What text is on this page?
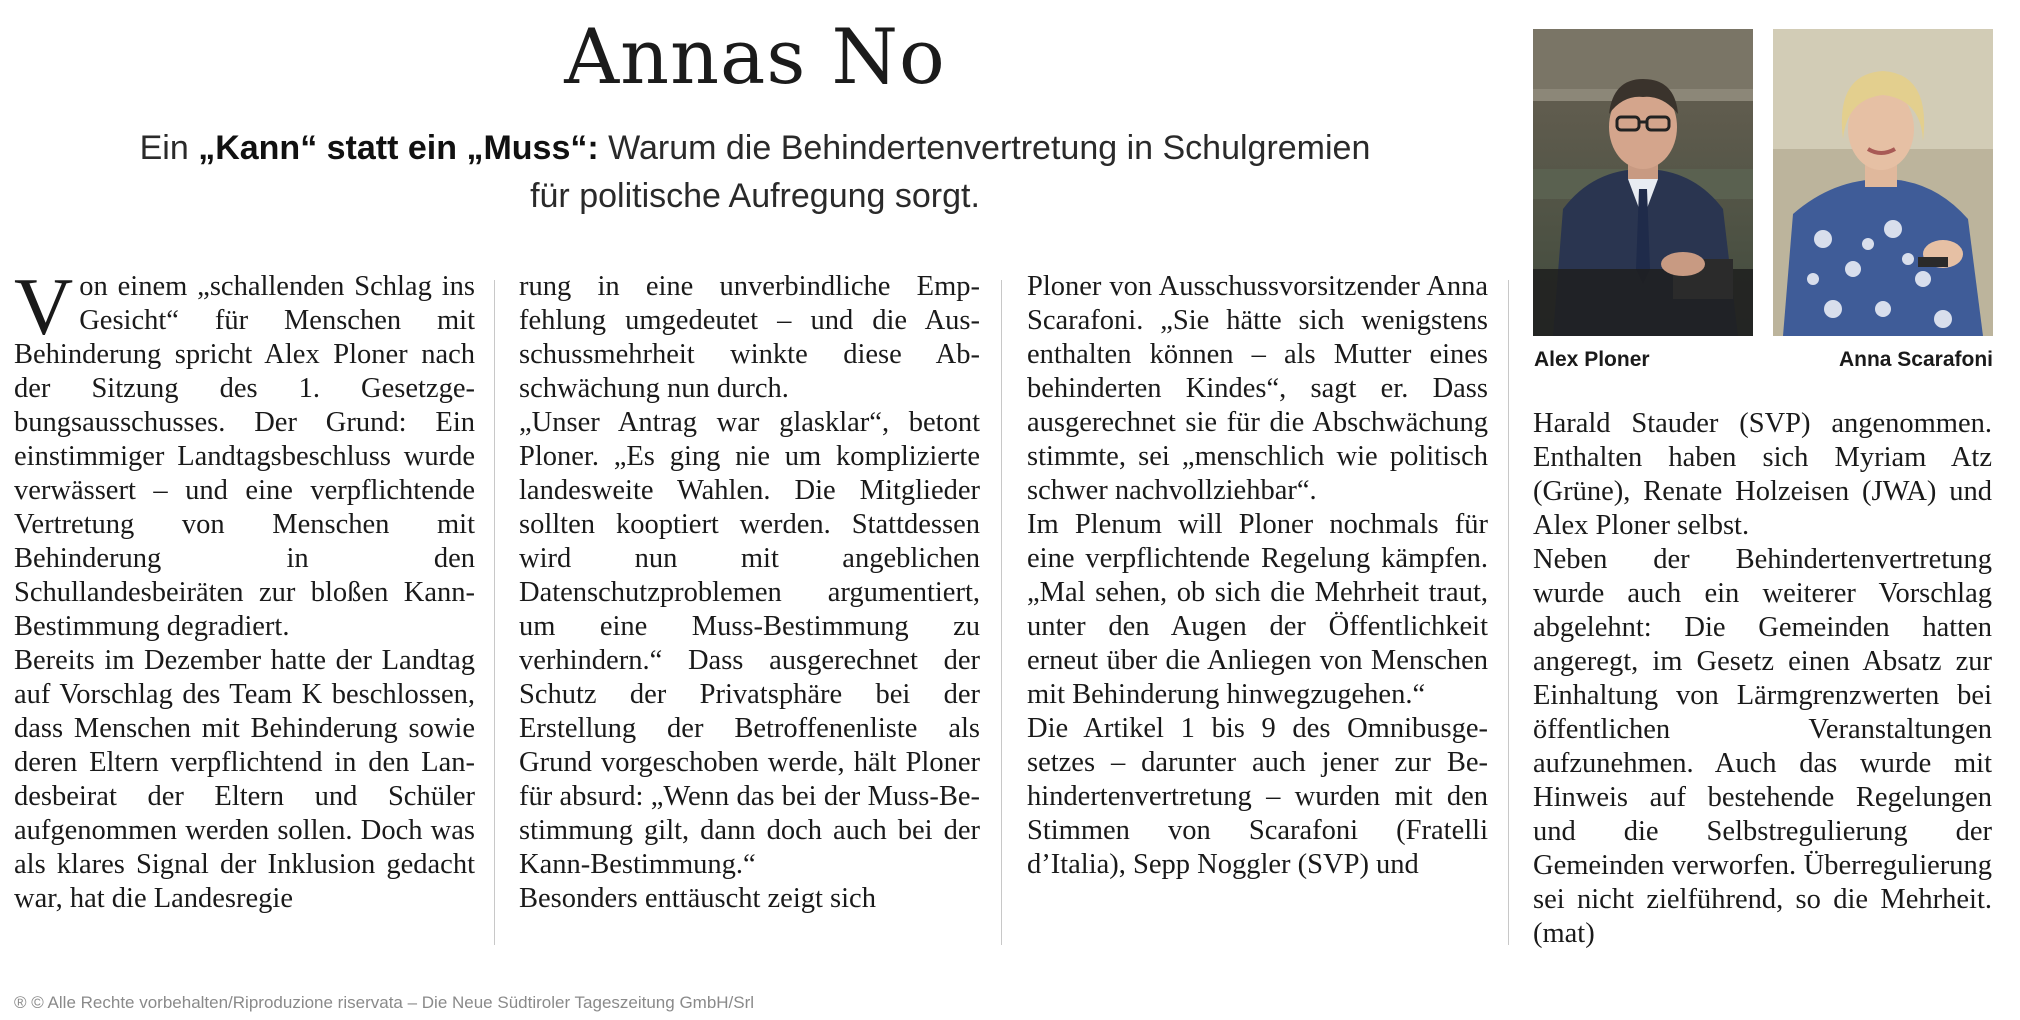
Annas No

Ein „Kann“ statt ein „Muss“: Warum die Behindertenvertretung in Schulgremien für politische Aufregung sorgt.

Von einem „schallenden Schlag ins Gesicht“ für Menschen mit Behinderung spricht Alex Ploner nach der Sitzung des 1. Gesetzgebungsausschusses. Der Grund: Ein einstimmiger Landtagsbeschluss wurde verwässert – und eine verpflichtende Vertretung von Menschen mit Behinderung in den Schullandesbeiräten zur bloßen Kann-Bestimmung degradiert.

Bereits im Dezember hatte der Landtag auf Vorschlag des Team K beschlossen, dass Menschen mit Behinderung sowie deren Eltern verpflichtend in den Landesbeirat der Eltern und Schüler aufgenommen werden sollen. Doch was als klares Signal der Inklusion gedacht war, hat die Landesregie

rung in eine unverbindliche Empfehlung umgedeutet – und die Ausschussmehrheit winkte diese Abschwächung nun durch.

„Unser Antrag war glasklar“, betont Ploner. „Es ging nie um komplizierte landesweite Wahlen. Die Mitglieder sollten kooptiert werden. Stattdessen wird nun mit angeblichen Datenschutzproblemen argumentiert, um eine Muss-Bestimmung zu verhindern.“ Dass ausgerechnet der Schutz der Privatsphäre bei der Erstellung der Betroffenenliste als Grund vorgeschoben werde, hält Ploner für absurd: „Wenn das bei der Muss-Bestimmung gilt, dann doch auch bei der Kann-Bestimmung.“

Besonders enttäuscht zeigt sich

Ploner von Ausschussvorsitzender Anna Scarafoni. „Sie hätte sich wenigstens enthalten können – als Mutter eines behinderten Kindes“, sagt er. Dass ausgerechnet sie für die Abschwächung stimmte, sei „menschlich wie politisch schwer nachvollziehbar“.

Im Plenum will Ploner nochmals für eine verpflichtende Regelung kämpfen. „Mal sehen, ob sich die Mehrheit traut, unter den Augen der Öffentlichkeit erneut über die Anliegen von Menschen mit Behinderung hinwegzugehen.“

Die Artikel 1 bis 9 des Omnibusgesetzes – darunter auch jener zur Behindertenvertretung – wurden mit den Stimmen von Scarafoni (Fratelli d’Italia), Sepp Noggler (SVP) und

Alex Ploner	Anna Scarafoni

Harald Stauder (SVP) angenommen. Enthalten haben sich Myriam Atz (Grüne), Renate Holzeisen (JWA) und Alex Ploner selbst.

Neben der Behindertenvertretung wurde auch ein weiterer Vorschlag abgelehnt: Die Gemeinden hatten angeregt, im Gesetz einen Absatz zur Einhaltung von Lärmgrenzwerten bei öffentlichen Veranstaltungen aufzunehmen. Auch das wurde mit Hinweis auf bestehende Regelungen und die Selbstregulierung der Gemeinden verworfen. Überregulierung sei nicht zielführend, so die Mehrheit. (mat)

® © Alle Rechte vorbehalten/Riproduzione riservata – Die Neue Südtiroler Tageszeitung GmbH/Srl
